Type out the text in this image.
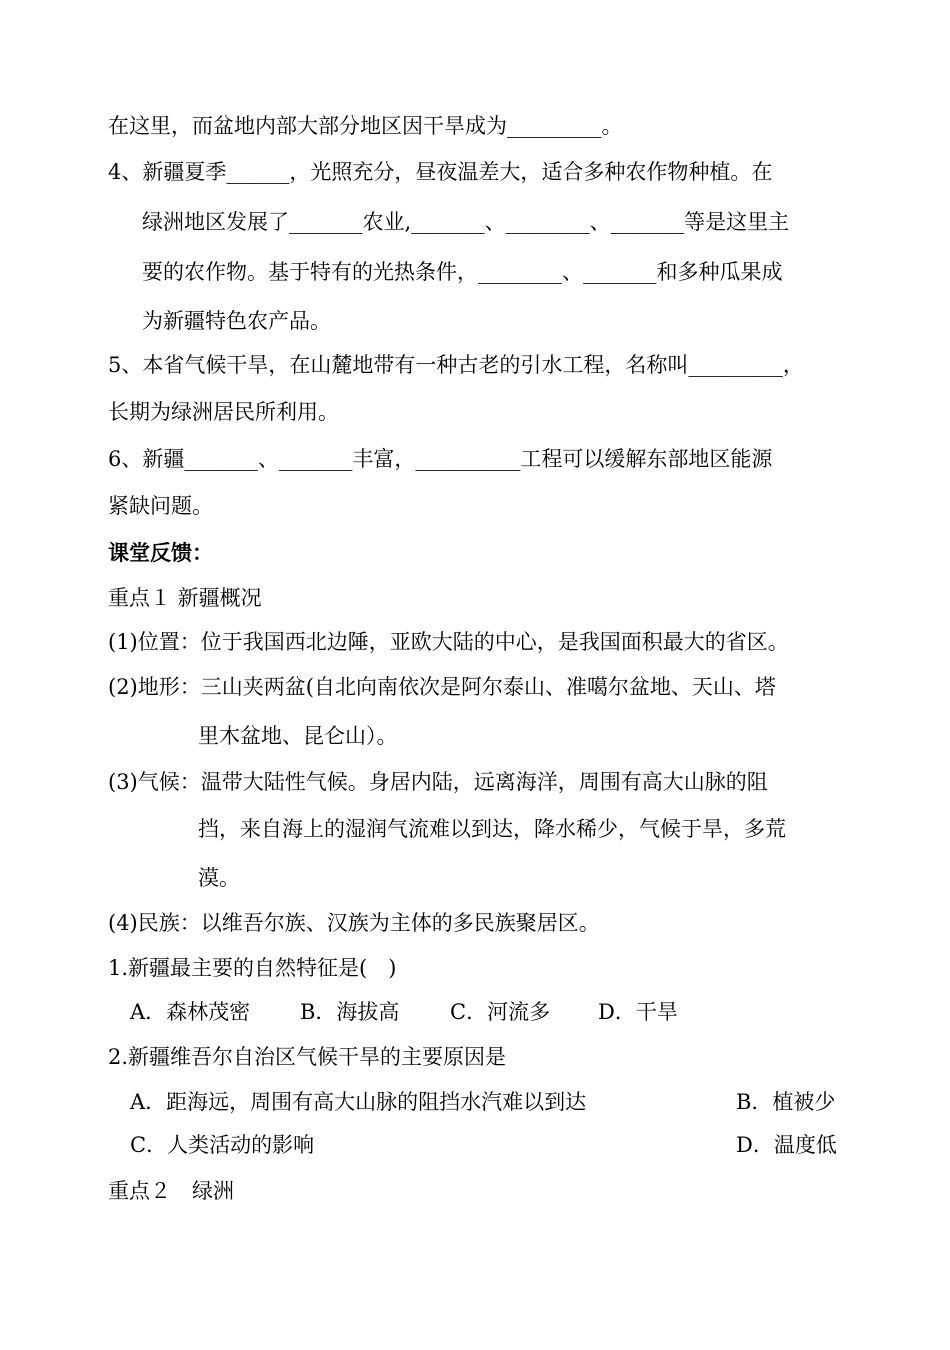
在这里，而盆地内部大部分地区因干旱成为_________。
4、新疆夏季______，光照充分，昼夜温差大，适合多种农作物种植。在
绿洲地区发展了_______农业,_______、________、_______等是这里主
要的农作物。基于特有的光热条件，________、_______和多种瓜果成
为新疆特色农产品。
5、本省气候干旱，在山麓地带有一种古老的引水工程，名称叫_________，
长期为绿洲居民所利用。
6、新疆_______、_______丰富，__________工程可以缓解东部地区能源
紧缺问题。
课堂反馈：
重点１ 新疆概况
(1)位置：位于我国西北边陲，亚欧大陆的中心，是我国面积最大的省区。
(2)地形：三山夹两盆(自北向南依次是阿尔泰山、准噶尔盆地、天山、塔
里木盆地、昆仑山）。
(3)气候：温带大陆性气候。身居内陆，远离海洋，周围有高大山脉的阻
挡，来自海上的湿润气流难以到达，降水稀少，气候于旱，多荒
漠。
(4)民族：以维吾尔族、汉族为主体的多民族聚居区。
1.新疆最主要的自然特征是(　)
A．森林茂密 B．海拔高 C．河流多 D．干旱
2.新疆维吾尔自治区气候干旱的主要原因是
A．距海远，周围有高大山脉的阻挡水汽难以到达	B．植被少
C．人类活动的影响	D．温度低
重点２　绿洲
